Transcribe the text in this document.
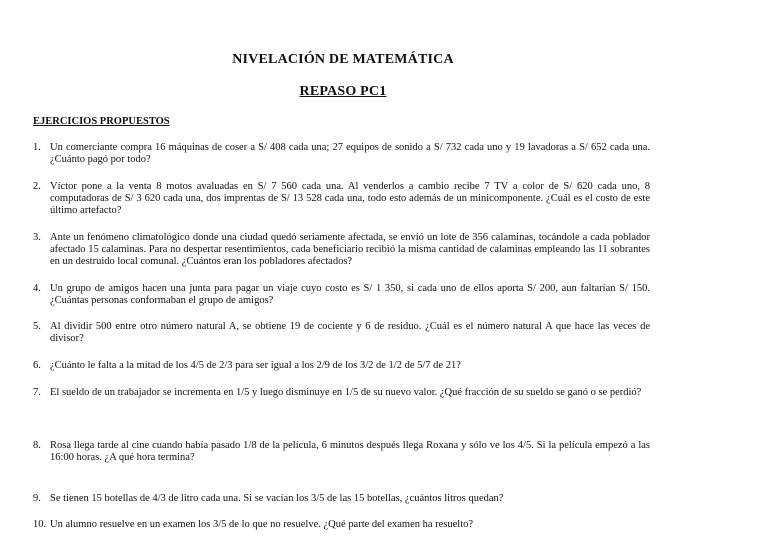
NIVELACIÓN DE MATEMÁTICA
REPASO PC1
EJERCICIOS PROPUESTOS
1. Un comerciante compra 16 máquinas de coser a S/ 408 cada una; 27 equipos de sonido a S/ 732 cada uno y 19 lavadoras a S/ 652 cada una. ¿Cuánto pagó por todo?
2. Víctor pone a la venta 8 motos avaluadas en S/ 7 560 cada una. Al venderlos a cambio recibe 7 TV a color de S/ 620 cada uno, 8 computadoras de S/ 3 620 cada una, dos imprentas de S/ 13 528 cada una, todo esto además de un minicomponente. ¿Cuál es el costo de este último artefacto?
3. Ante un fenómeno climatológico donde una ciudad quedó seriamente afectada, se envió un lote de 356 calaminas, tocándole a cada poblador afectado 15 calaminas. Para no despertar resentimientos, cada beneficiario recibió la misma cantidad de calaminas empleando las 11 sobrantes en un destruido local comunal. ¿Cuántos eran los pobladores afectados?
4. Un grupo de amigos hacen una junta para pagar un viaje cuyo costo es S/ 1 350, si cada uno de ellos aporta S/ 200, aun faltarían S/ 150. ¿Cuántas personas conformaban el grupo de amigos?
5. Al dividir 500 entre otro número natural A, se obtiene 19 de cociente y 6 de residuo. ¿Cuál es el número natural A que hace las veces de divisor?
6. ¿Cuánto le falta a la mitad de los 4/5 de 2/3 para ser igual a los 2/9 de los 3/2 de 1/2 de 5/7 de 21?
7. El sueldo de un trabajador se incrementa en 1/5 y luego disminuye en 1/5 de su nuevo valor. ¿Qué fracción de su sueldo se ganó o se perdió?
8. Rosa llega tarde al cine cuando había pasado 1/8 de la película, 6 minutos después llega Roxana y sólo ve los 4/5. Si la película empezó a las 16:00 horas. ¿A qué hora termina?
9. Se tienen 15 botellas de 4/3 de litro cada una. Si se vacían los 3/5 de las 15 botellas, ¿cuántos litros quedan?
10. Un alumno resuelve en un examen los 3/5 de lo que no resuelve. ¿Qué parte del examen ha resuelto?
